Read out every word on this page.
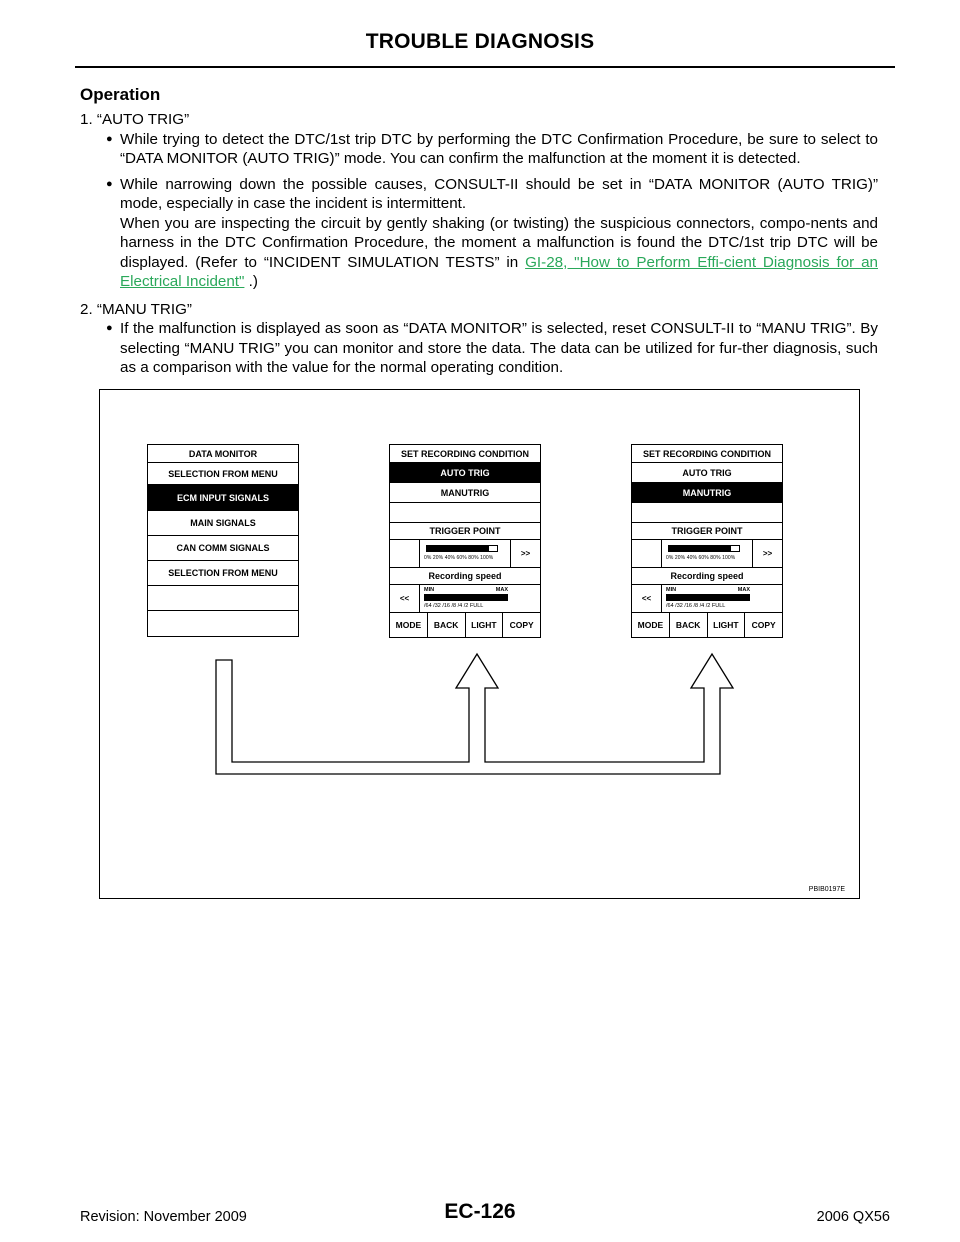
TROUBLE DIAGNOSIS
Operation

1. “AUTO TRIG”

● While trying to detect the DTC/1st trip DTC by performing the DTC Confirmation Procedure, be sure to select to “DATA MONITOR (AUTO TRIG)” mode. You can confirm the malfunction at the moment it is detected.
● While narrowing down the possible causes, CONSULT-II should be set in “DATA MONITOR (AUTO TRIG)” mode, especially in case the incident is intermittent.
When you are inspecting the circuit by gently shaking (or twisting) the suspicious connectors, compo-nents and harness in the DTC Confirmation Procedure, the moment a malfunction is found the DTC/1st trip DTC will be displayed. (Refer to “INCIDENT SIMULATION TESTS” in GI-28, "How to Perform Effi-cient Diagnosis for an Electrical Incident" .)

2. “MANU TRIG”

● If the malfunction is displayed as soon as “DATA MONITOR” is selected, reset CONSULT-II to “MANU TRIG”. By selecting “MANU TRIG” you can monitor and store the data. The data can be utilized for fur-ther diagnosis, such as a comparison with the value for the normal operating condition.
DATA MONITOR
SELECTION FROM MENU
ECM INPUT SIGNALS
MAIN SIGNALS
CAN COMM SIGNALS
SELECTION FROM MENU
SET RECORDING CONDITION
AUTO TRIG
MANUTRIG
TRIGGER POINT
0% 20% 40% 60% 80% 100%	>>
Recording speed
<<
MIN	MAX
/64 /32 /16 /8 /4 /2 FULL
MODE	BACK	LIGHT	COPY
SET RECORDING CONDITION
AUTO TRIG
MANUTRIG
TRIGGER POINT
0% 20% 40% 60% 80% 100%	>>
Recording speed
<<
MIN	MAX
/64 /32 /16 /8 /4 /2 FULL
MODE	BACK	LIGHT	COPY
PBIB0197E
Revision: November 2009	EC-126	2006 QX56
